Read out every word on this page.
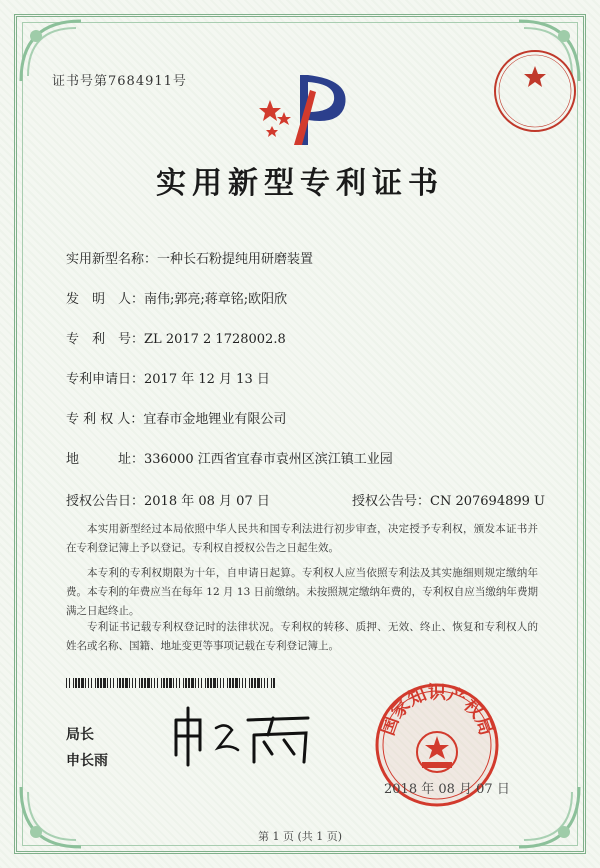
证书号第7684911号
实用新型专利证书
实用新型名称：一种长石粉提纯用研磨装置
发　明　人：南伟;郭亮;蒋章铭;欧阳欣
专　利　号：ZL 2017 2 1728002.8
专利申请日：2017 年 12 月 13 日
专 利 权 人：宜春市金地锂业有限公司
地　　　址：336000 江西省宜春市袁州区滨江镇工业园
授权公告日：2018 年 08 月 07 日	授权公告号：CN 207694899 U
本实用新型经过本局依照中华人民共和国专利法进行初步审查，决定授予专利权，颁发本证书并在专利登记簿上予以登记。专利权自授权公告之日起生效。
本专利的专利权期限为十年，自申请日起算。专利权人应当依照专利法及其实施细则规定缴纳年费。本专利的年费应当在每年 12 月 13 日前缴纳。未按照规定缴纳年费的，专利权自应当缴纳年费期满之日起终止。
专利证书记载专利权登记时的法律状况。专利权的转移、质押、无效、终止、恢复和专利权人的姓名或名称、国籍、地址变更等事项记载在专利登记簿上。
局长
申长雨
国家知识产权局
2018 年 08 月 07 日
第 1 页 (共 1 页)
